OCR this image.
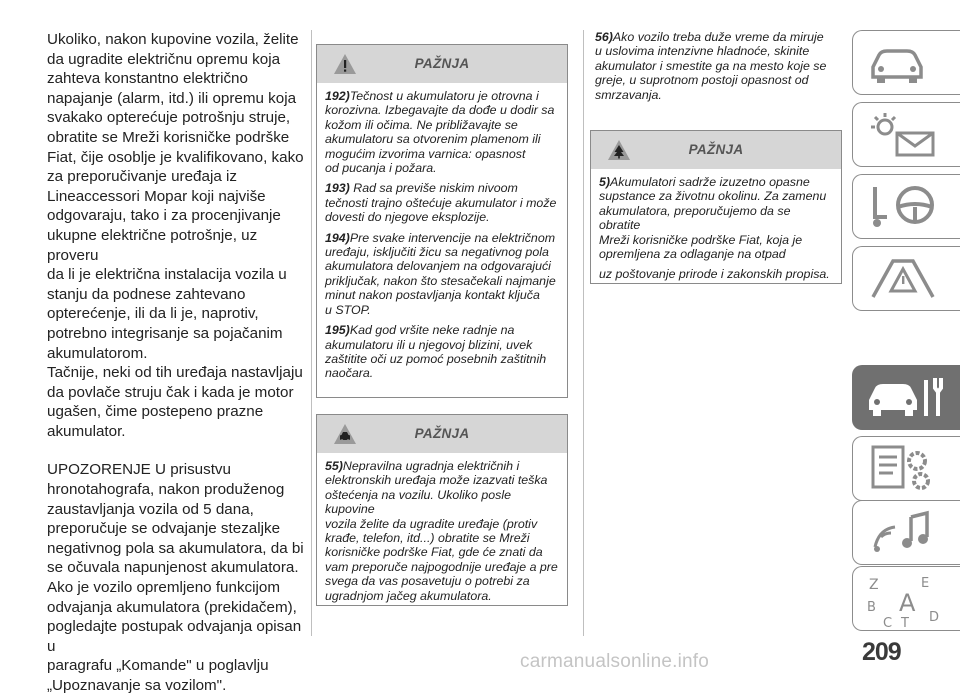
Ukoliko, nakon kupovine vozila, želite
da ugradite električnu opremu koja
zahteva konstantno električno
napajanje (alarm, itd.) ili opremu koja
svakako opterećuje potrošnju struje,
obratite se Mreži korisničke podrške
Fiat, čije osoblje je kvalifikovano, kako
za preporučivanje uređaja iz
Lineaccessori Mopar koji najviše
odgovaraju, tako i za procenjivanje
ukupne električne potrošnje, uz proveru
da li je električna instalacija vozila u
stanju da podnese zahtevano
opterećenje, ili da li je, naprotiv,
potrebno integrisanje sa pojačanim
akumulatorom.
Tačnije, neki od tih uređaja nastavljaju
da povlače struju čak i kada je motor
ugašen, čime postepeno prazne
akumulator.

UPOZORENJE U prisustvu
hronotahografa, nakon produženog
zaustavljanja vozila od 5 dana,
preporučuje se odvajanje stezaljke
negativnog pola sa akumulatora, da bi
se očuvala napunjenost akumulatora.
Ako je vozilo opremljeno funkcijom
odvajanja akumulatora (prekidačem),
pogledajte postupak odvajanja opisan u
paragrafu „Komande" u poglavlju
„Upoznavanje sa vozilom".

PAŽNJA

192)Tečnost u akumulatoru je otrovna i
korozivna. Izbegavajte da dođe u dodir sa
kožom ili očima. Ne približavajte se
akumulatoru sa otvorenim plamenom ili
mogućim izvorima varnica: opasnost
od pucanja i požara.

193) Rad sa previše niskim nivoom
tečnosti trajno oštećuje akumulator i može
dovesti do njegove eksplozije.

194)Pre svake intervencije na električnom
uređaju, isključiti žicu sa negativnog pola
akumulatora delovanjem na odgovarajući
priključak, nakon što stesačekali najmanje
minut nakon postavljanja kontakt ključa
u STOP.

195)Kad god vršite neke radnje na
akumulatoru ili u njegovoj blizini, uvek
zaštitite oči uz pomoć posebnih zaštitnih
naočara.

PAŽNJA

55)Nepravilna ugradnja električnih i
elektronskih uređaja može izazvati teška
oštećenja na vozilu. Ukoliko posle kupovine
vozila želite da ugradite uređaje (protiv
krađe, telefon, itd...) obratite se Mreži
korisničke podrške Fiat, gde će znati da
vam preporuče najpogodnije uređaje a pre
svega da vas posavetuju o potrebi za
ugradnjom jačeg akumulatora.

56)Ako vozilo treba duže vreme da miruje
u uslovima intenzivne hladnoće, skinite
akumulator i smestite ga na mesto koje se
greje, u suprotnom postoji opasnost od
smrzavanja.
PAŽNJA

5)Akumulatori sadrže izuzetno opasne
supstance za životnu okolinu. Za zamenu
akumulatora, preporučujemo da se obratite
Mreži korisničke podrške Fiat, koja je
opremljena za odlaganje na otpad

uz poštovanje prirode i zakonskih propisa.

Z	E
B A
C T D
209
carmanualsonline.info
